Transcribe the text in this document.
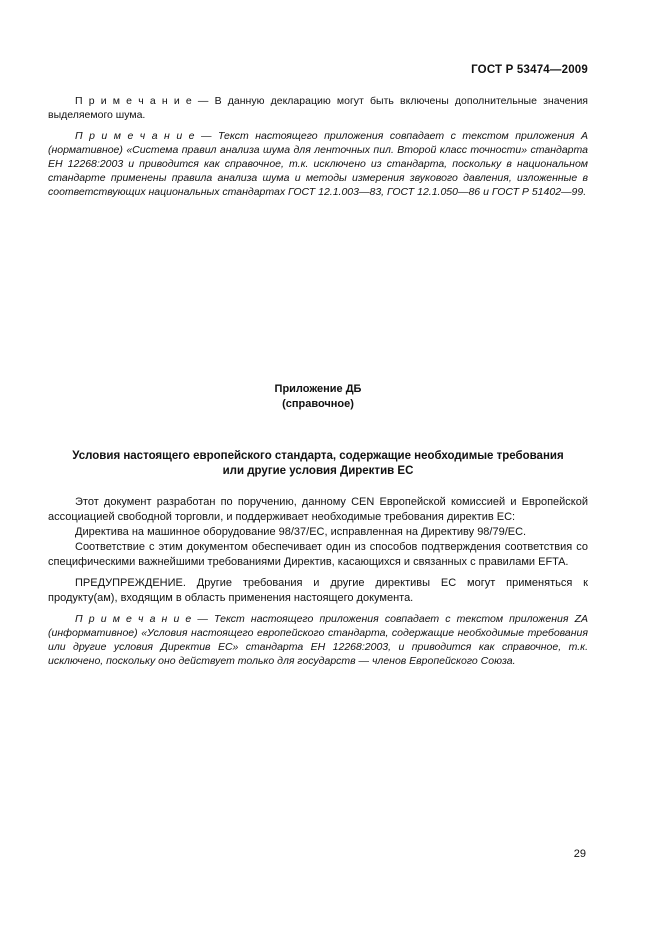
ГОСТ Р 53474—2009

П р и м е ч а н и е — В данную декларацию могут быть включены дополнительные значения выделяемого шума.

П р и м е ч а н и е — Текст настоящего приложения совпадает с текстом приложения А (нормативное) «Система правил анализа шума для ленточных пил. Второй класс точности» стандарта ЕН 12268:2003 и приводится как справочное, т.к. исключено из стандарта, поскольку в национальном стандарте применены правила анализа шума и методы измерения звукового давления, изложенные в соответствующих национальных стандартах ГОСТ 12.1.003—83, ГОСТ 12.1.050—86 и ГОСТ Р 51402—99.

Приложение ДБ
(справочное)
Условия настоящего европейского стандарта, содержащие необходимые требования
или другие условия Директив ЕС

Этот документ разработан по поручению, данному CEN Европейской комиссией и Европейской ассоциацией свободной торговли, и поддерживает необходимые требования директив ЕС:

Директива на машинное оборудование 98/37/ЕС, исправленная на Директиву 98/79/ЕС.

Соответствие с этим документом обеспечивает один из способов подтверждения соответствия со специфическими важнейшими требованиями Директив, касающихся и связанных с правилами EFTA.

ПРЕДУПРЕЖДЕНИЕ. Другие требования и другие директивы ЕС могут применяться к продукту(ам), входящим в область применения настоящего документа.

П р и м е ч а н и е — Текст настоящего приложения совпадает с текстом приложения ZA (информативное) «Условия настоящего европейского стандарта, содержащие необходимые требования или другие условия Директив ЕС» стандарта ЕН 12268:2003, и приводится как справочное, т.к. исключено, поскольку оно действует только для государств — членов Европейского Союза.

29
